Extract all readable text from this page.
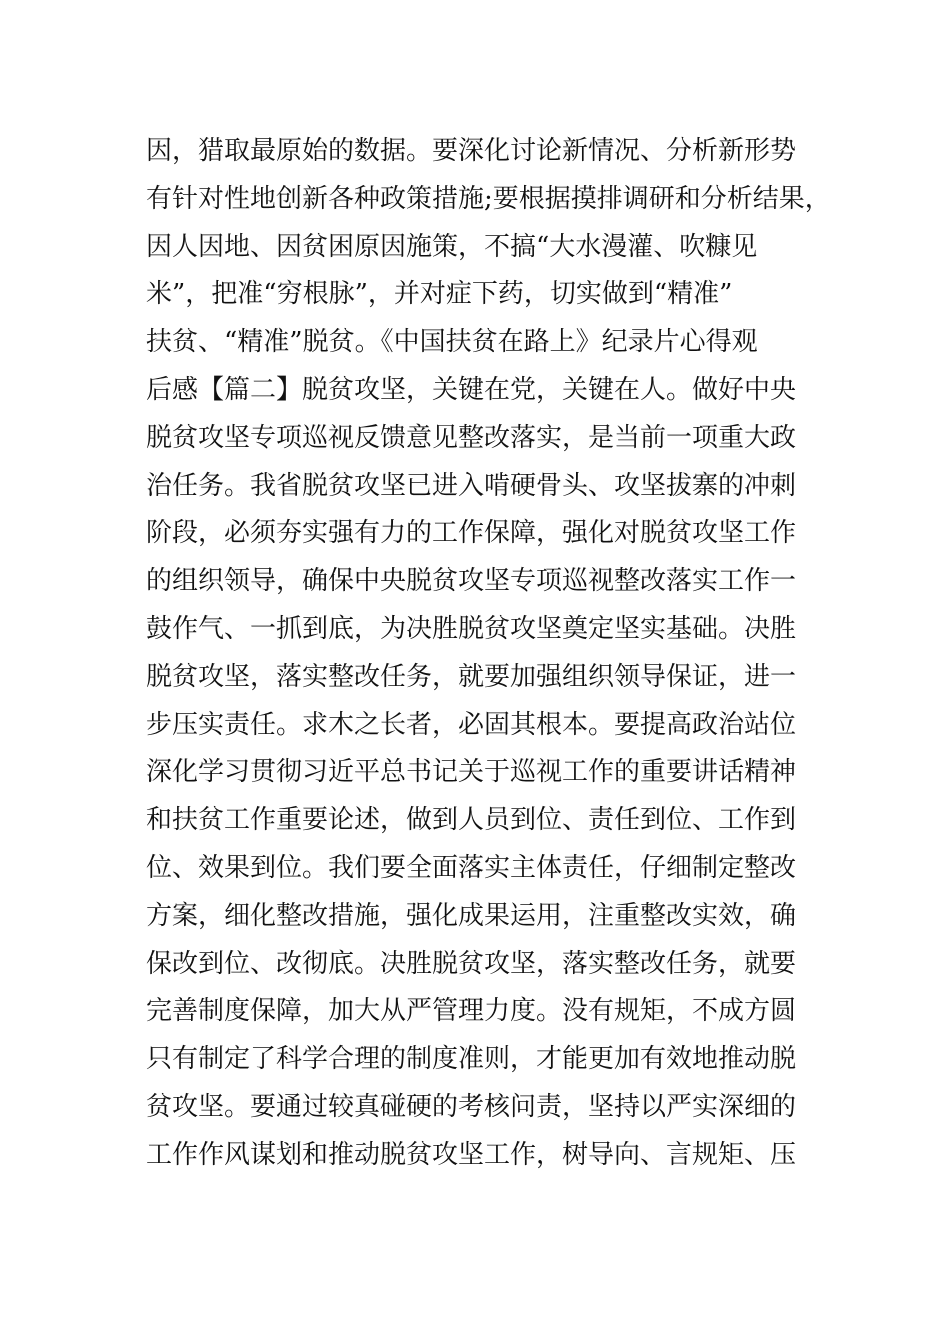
因，猎取最原始的数据。要深化讨论新情况、分析新形势
有针对性地创新各种政策措施;要根据摸排调研和分析结果，
因人因地、因贫困原因施策，不搞“大水漫灌、吹糠见
米”，把准“穷根脉”，并对症下药，切实做到“精准”
扶贫、“精准”脱贫。《中国扶贫在路上》纪录片心得观
后感【篇二】脱贫攻坚，关键在党，关键在人。做好中央
脱贫攻坚专项巡视反馈意见整改落实，是当前一项重大政
治任务。我省脱贫攻坚已进入啃硬骨头、攻坚拔寨的冲刺
阶段，必须夯实强有力的工作保障，强化对脱贫攻坚工作
的组织领导，确保中央脱贫攻坚专项巡视整改落实工作一
鼓作气、一抓到底，为决胜脱贫攻坚奠定坚实基础。决胜
脱贫攻坚，落实整改任务，就要加强组织领导保证，进一
步压实责任。求木之长者，必固其根本。要提高政治站位
深化学习贯彻习近平总书记关于巡视工作的重要讲话精神
和扶贫工作重要论述，做到人员到位、责任到位、工作到
位、效果到位。我们要全面落实主体责任，仔细制定整改
方案，细化整改措施，强化成果运用，注重整改实效，确
保改到位、改彻底。决胜脱贫攻坚，落实整改任务，就要
完善制度保障，加大从严管理力度。没有规矩，不成方圆
只有制定了科学合理的制度准则，才能更加有效地推动脱
贫攻坚。要通过较真碰硬的考核问责，坚持以严实深细的
工作作风谋划和推动脱贫攻坚工作，树导向、言规矩、压
